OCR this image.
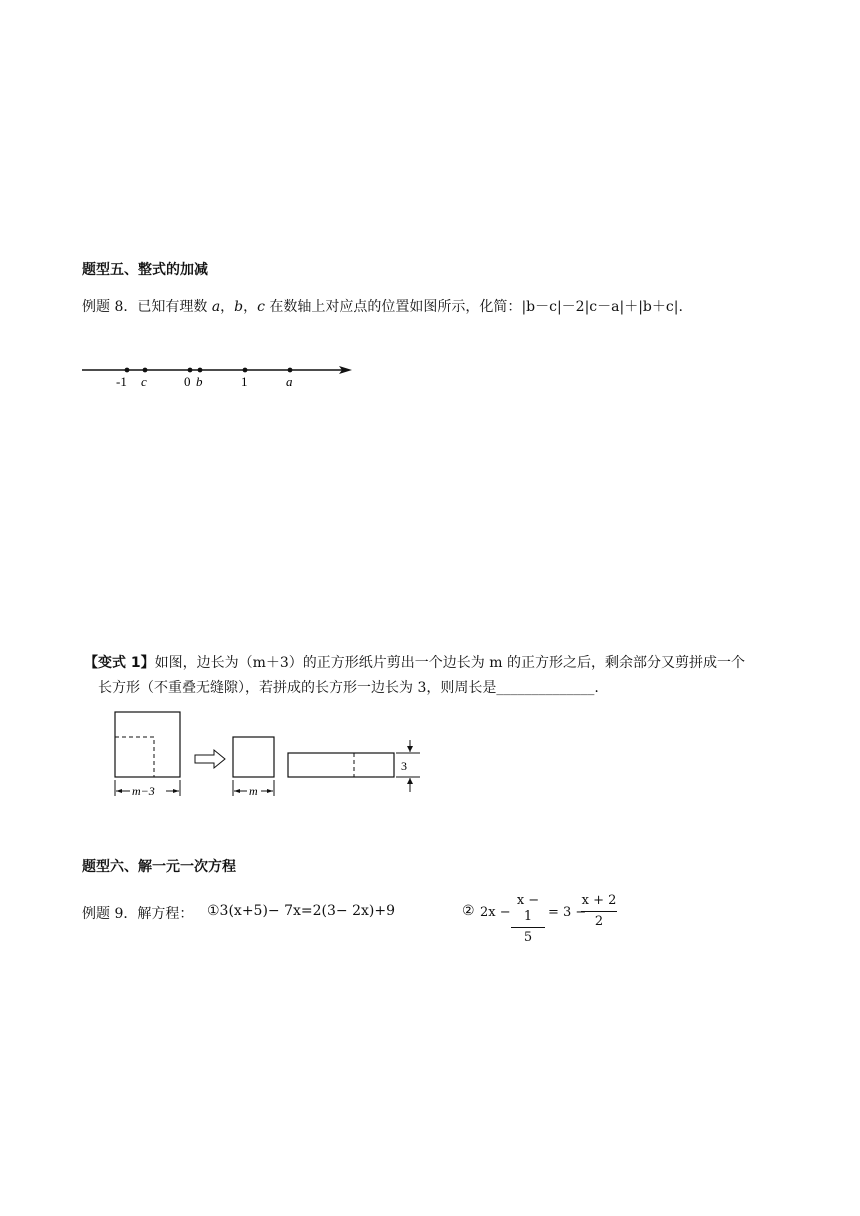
题型五、整式的加减
例题 8．已知有理数 a，b，c 在数轴上对应点的位置如图所示，化简：|b－c|－2|c－a|＋|b＋c|.
-1 c	0 b	1	a
【变式 1】如图，边长为（m＋3）的正方形纸片剪出一个边长为 m 的正方形之后，剩余部分又剪拼成一个
长方形（不重叠无缝隙），若拼成的长方形一边长为 3，则周长是______________.
m−3	m
3
题型六、解一元一次方程
例题 9．解方程： ①3(x+5)− 7x=2(3− 2x)+9	② 2x −
x − 1
5
= 3 −
x + 2
2
